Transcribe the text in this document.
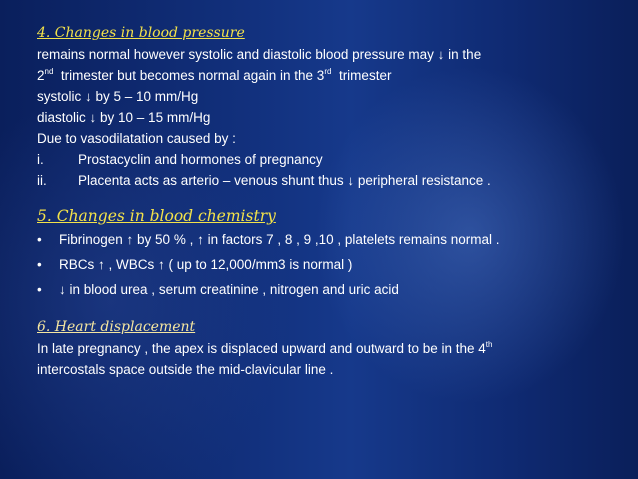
4. Changes in blood pressure

remains normal however systolic and diastolic blood pressure may ↓ in the

2nd  trimester but becomes normal again in the 3rd  trimester

systolic ↓ by 5 – 10 mm/Hg

diastolic ↓ by 10 – 15 mm/Hg

Due to vasodilatation caused by :

i.	Prostacyclin and hormones of pregnancy
ii.	Placenta acts as arterio – venous shunt thus ↓ peripheral resistance .

5. Changes in blood chemistry

•	Fibrinogen ↑ by 50 % , ↑ in factors 7 , 8 , 9 ,10 , platelets remains normal .
•	RBCs ↑ , WBCs ↑ ( up to 12,000/mm3 is normal )
•	↓ in blood urea , serum creatinine , nitrogen and uric acid

6. Heart displacement

In late pregnancy , the apex is displaced upward and outward to be in the 4th

intercostals space outside the mid-clavicular line .
